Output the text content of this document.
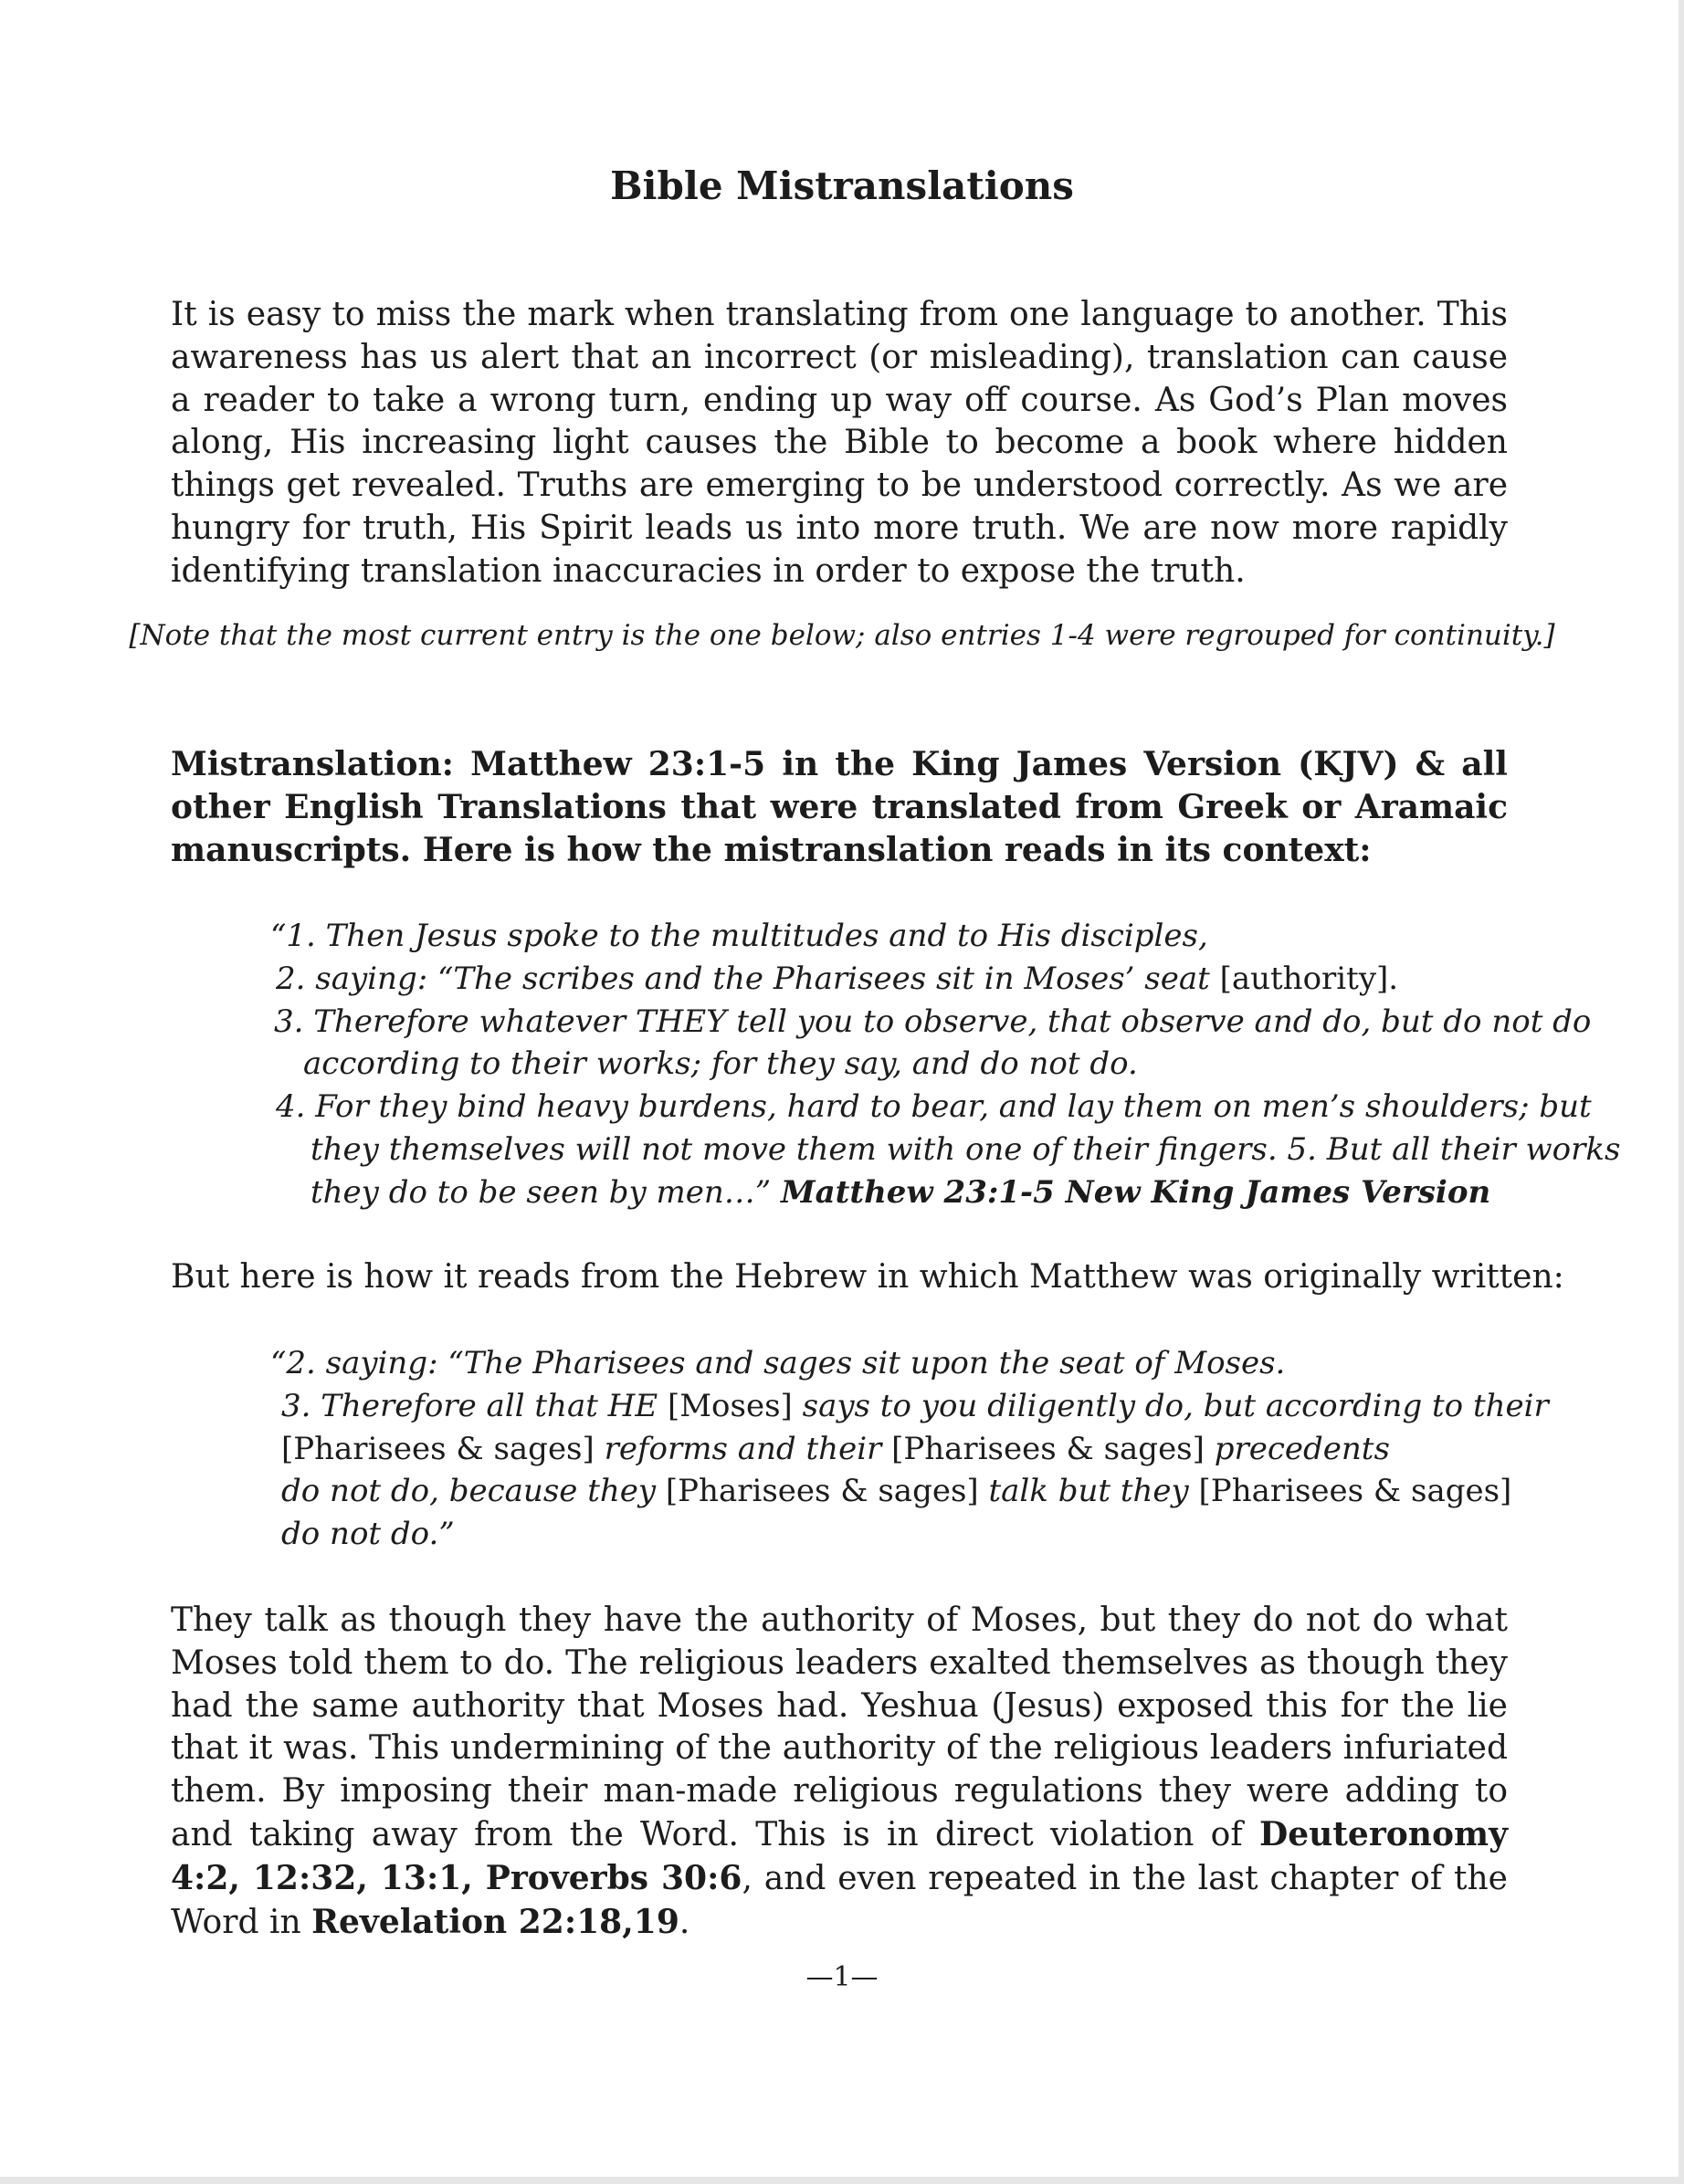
Bible Mistranslations

It is easy to miss the mark when translating from one language to another. This awareness has us alert that an incorrect (or misleading), translation can cause a reader to take a wrong turn, ending up way off course. As God’s Plan moves along, His increasing light causes the Bible to become a book where hidden things get revealed. Truths are emerging to be understood correctly. As we are hungry for truth, His Spirit leads us into more truth. We are now more rapidly identifying translation inaccuracies in order to expose the truth.

[Note that the most current entry is the one below; also entries 1-4 were regrouped for continuity.]

Mistranslation: Matthew 23:1-5 in the King James Version (KJV) & all other English Translations that were translated from Greek or Aramaic manuscripts. Here is how the mistranslation reads in its context:

“1. Then Jesus spoke to the multitudes and to His disciples,
2. saying: “The scribes and the Pharisees sit in Moses’ seat [authority].
3. Therefore whatever THEY tell you to observe, that observe and do, but do not do
according to their works; for they say, and do not do.
4. For they bind heavy burdens, hard to bear, and lay them on men’s shoulders; but
they themselves will not move them with one of their fingers. 5. But all their works
they do to be seen by men…” Matthew 23:1-5 New King James Version
But here is how it reads from the Hebrew in which Matthew was originally written:
“2. saying: “The Pharisees and sages sit upon the seat of Moses.
3. Therefore all that HE [Moses] says to you diligently do, but according to their
[Pharisees & sages] reforms and their [Pharisees & sages] precedents
do not do, because they [Pharisees & sages] talk but they [Pharisees & sages]
do not do.”

They talk as though they have the authority of Moses, but they do not do what Moses told them to do. The religious leaders exalted themselves as though they had the same authority that Moses had. Yeshua (Jesus) exposed this for the lie that it was. This undermining of the authority of the religious leaders infuriated them. By imposing their man-made religious regulations they were adding to and taking away from the Word. This is in direct violation of Deuteronomy 4:2, 12:32, 13:1, Proverbs 30:6, and even repeated in the last chapter of the Word in Revelation 22:18,19.

—1—
